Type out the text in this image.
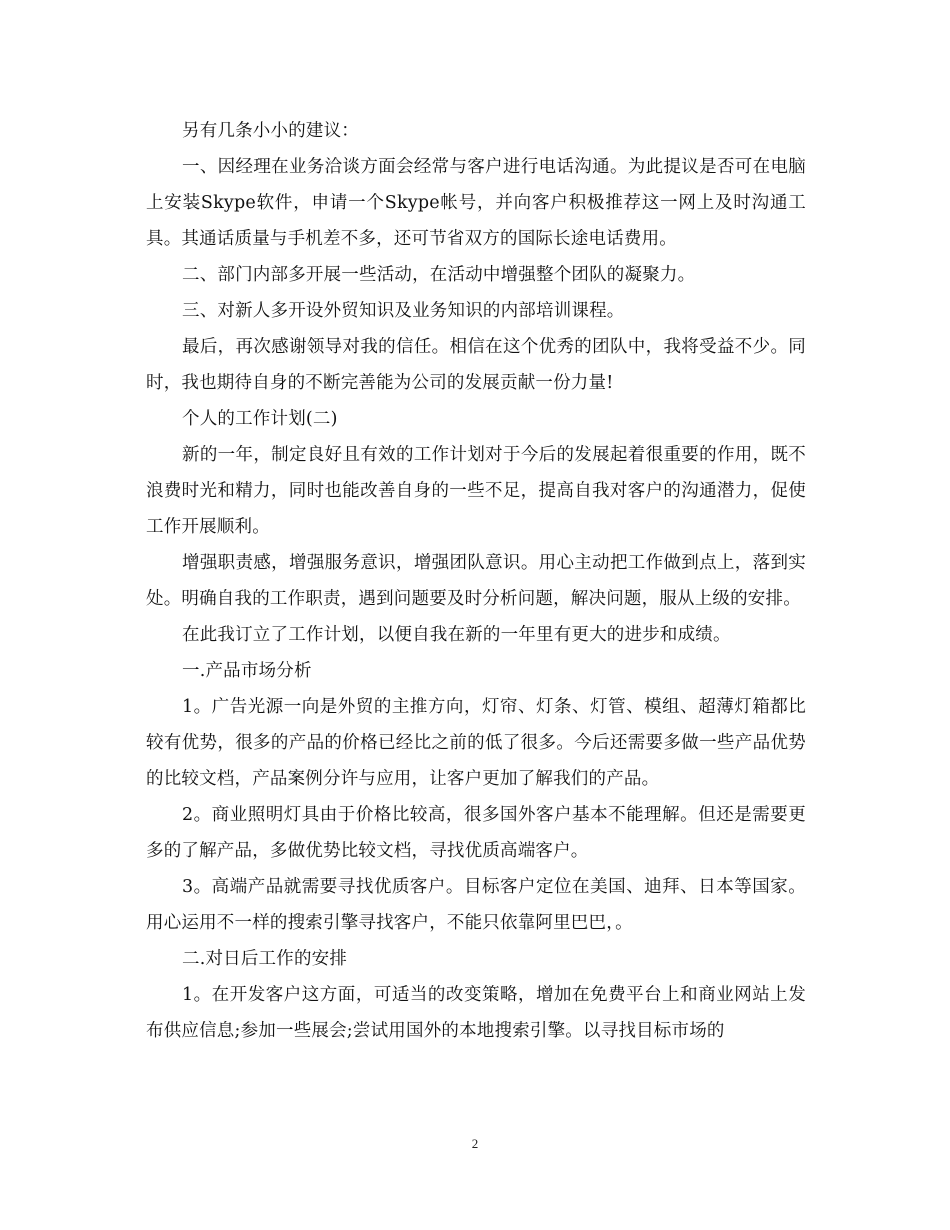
另有几条小小的建议：

一、因经理在业务洽谈方面会经常与客户进行电话沟通。为此提议是否可在电脑上安装Skype软件，申请一个Skype帐号，并向客户积极推荐这一网上及时沟通工具。其通话质量与手机差不多，还可节省双方的国际长途电话费用。

二、部门内部多开展一些活动，在活动中增强整个团队的凝聚力。

三、对新人多开设外贸知识及业务知识的内部培训课程。

最后，再次感谢领导对我的信任。相信在这个优秀的团队中，我将受益不少。同时，我也期待自身的不断完善能为公司的发展贡献一份力量!

个人的工作计划(二)

新的一年，制定良好且有效的工作计划对于今后的发展起着很重要的作用，既不浪费时光和精力，同时也能改善自身的一些不足，提高自我对客户的沟通潜力，促使工作开展顺利。

增强职责感，增强服务意识，增强团队意识。用心主动把工作做到点上，落到实处。明确自我的工作职责，遇到问题要及时分析问题，解决问题，服从上级的安排。

在此我订立了工作计划，以便自我在新的一年里有更大的进步和成绩。

一.产品市场分析

1。广告光源一向是外贸的主推方向，灯帘、灯条、灯管、模组、超薄灯箱都比较有优势，很多的产品的价格已经比之前的低了很多。今后还需要多做一些产品优势的比较文档，产品案例分许与应用，让客户更加了解我们的产品。

2。商业照明灯具由于价格比较高，很多国外客户基本不能理解。但还是需要更多的了解产品，多做优势比较文档，寻找优质高端客户。

3。高端产品就需要寻找优质客户。目标客户定位在美国、迪拜、日本等国家。用心运用不一样的搜索引擎寻找客户，不能只依靠阿里巴巴，。

二.对日后工作的安排

1。在开发客户这方面，可适当的改变策略，增加在免费平台上和商业网站上发布供应信息;参加一些展会;尝试用国外的本地搜索引擎。以寻找目标市场的

2
